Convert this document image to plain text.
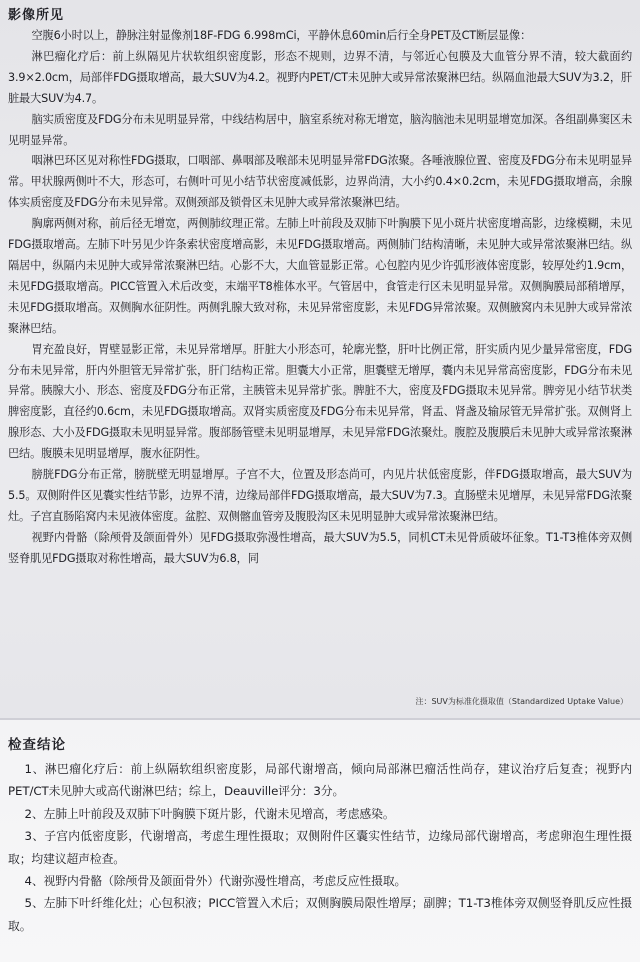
影像所见

空腹6小时以上，静脉注射显像剂18F-FDG 6.998mCi，平静休息60min后行全身PET及CT断层显像：

淋巴瘤化疗后：前上纵隔见片状软组织密度影，形态不规则，边界不清，与邻近心包膜及大血管分界不清，较大截面约3.9×2.0cm，局部伴FDG摄取增高，最大SUV为4.2。视野内PET/CT未见肿大或异常浓聚淋巴结。纵隔血池最大SUV为3.2，肝脏最大SUV为4.7。

脑实质密度及FDG分布未见明显异常，中线结构居中，脑室系统对称无增宽，脑沟脑池未见明显增宽加深。各组副鼻窦区未见明显异常。

咽淋巴环区见对称性FDG摄取，口咽部、鼻咽部及喉部未见明显异常FDG浓聚。各唾液腺位置、密度及FDG分布未见明显异常。甲状腺两侧叶不大，形态可，右侧叶可见小结节状密度减低影，边界尚清，大小约0.4×0.2cm，未见FDG摄取增高，余腺体实质密度及FDG分布未见异常。双侧颈部及锁骨区未见肿大或异常浓聚淋巴结。

胸廓两侧对称，前后径无增宽，两侧肺纹理正常。左肺上叶前段及双肺下叶胸膜下见小斑片状密度增高影，边缘模糊，未见FDG摄取增高。左肺下叶另见少许条索状密度增高影，未见FDG摄取增高。两侧肺门结构清晰，未见肿大或异常浓聚淋巴结。纵隔居中，纵隔内未见肿大或异常浓聚淋巴结。心影不大，大血管显影正常。心包腔内见少许弧形液体密度影，较厚处约1.9cm，未见FDG摄取增高。PICC管置入术后改变，末端平T8椎体水平。气管居中，食管走行区未见明显异常。双侧胸膜局部稍增厚，未见FDG摄取增高。双侧胸水征阴性。两侧乳腺大致对称，未见异常密度影，未见FDG异常浓聚。双侧腋窝内未见肿大或异常浓聚淋巴结。

胃充盈良好，胃壁显影正常，未见异常增厚。肝脏大小形态可，轮廓光整，肝叶比例正常，肝实质内见少量异常密度，FDG分布未见异常，肝内外胆管无异常扩张，肝门结构正常。胆囊大小正常，胆囊壁无增厚，囊内未见异常高密度影，FDG分布未见异常。胰腺大小、形态、密度及FDG分布正常，主胰管未见异常扩张。脾脏不大，密度及FDG摄取未见异常。脾旁见小结节状类脾密度影，直径约0.6cm，未见FDG摄取增高。双肾实质密度及FDG分布未见异常，肾盂、肾盏及输尿管无异常扩张。双侧肾上腺形态、大小及FDG摄取未见明显异常。腹部肠管壁未见明显增厚，未见异常FDG浓聚灶。腹腔及腹膜后未见肿大或异常浓聚淋巴结。腹膜未见明显增厚，腹水征阴性。

膀胱FDG分布正常，膀胱壁无明显增厚。子宫不大，位置及形态尚可，内见片状低密度影，伴FDG摄取增高，最大SUV为5.5。双侧附件区见囊实性结节影，边界不清，边缘局部伴FDG摄取增高，最大SUV为7.3。直肠壁未见增厚，未见异常FDG浓聚灶。子宫直肠陷窝内未见液体密度。盆腔、双侧髂血管旁及腹股沟区未见明显肿大或异常浓聚淋巴结。

视野内骨骼（除颅骨及颌面骨外）见FDG摄取弥漫性增高，最大SUV为5.5，同机CT未见骨质破坏征象。T1-T3椎体旁双侧竖脊肌见FDG摄取对称性增高，最大SUV为6.8，同

注：SUV为标准化摄取值（Standardized Uptake Value）

检查结论

1、淋巴瘤化疗后：前上纵隔软组织密度影，局部代谢增高，倾向局部淋巴瘤活性尚存，建议治疗后复查；视野内PET/CT未见肿大或高代谢淋巴结；综上，Deauville评分：3分。

2、左肺上叶前段及双肺下叶胸膜下斑片影，代谢未见增高，考虑感染。

3、子宫内低密度影，代谢增高，考虑生理性摄取；双侧附件区囊实性结节，边缘局部代谢增高，考虑卵泡生理性摄取；均建议超声检查。

4、视野内骨骼（除颅骨及颌面骨外）代谢弥漫性增高，考虑反应性摄取。

5、左肺下叶纤维化灶；心包积液；PICC管置入术后；双侧胸膜局限性增厚；副脾；T1-T3椎体旁双侧竖脊肌反应性摄取。
